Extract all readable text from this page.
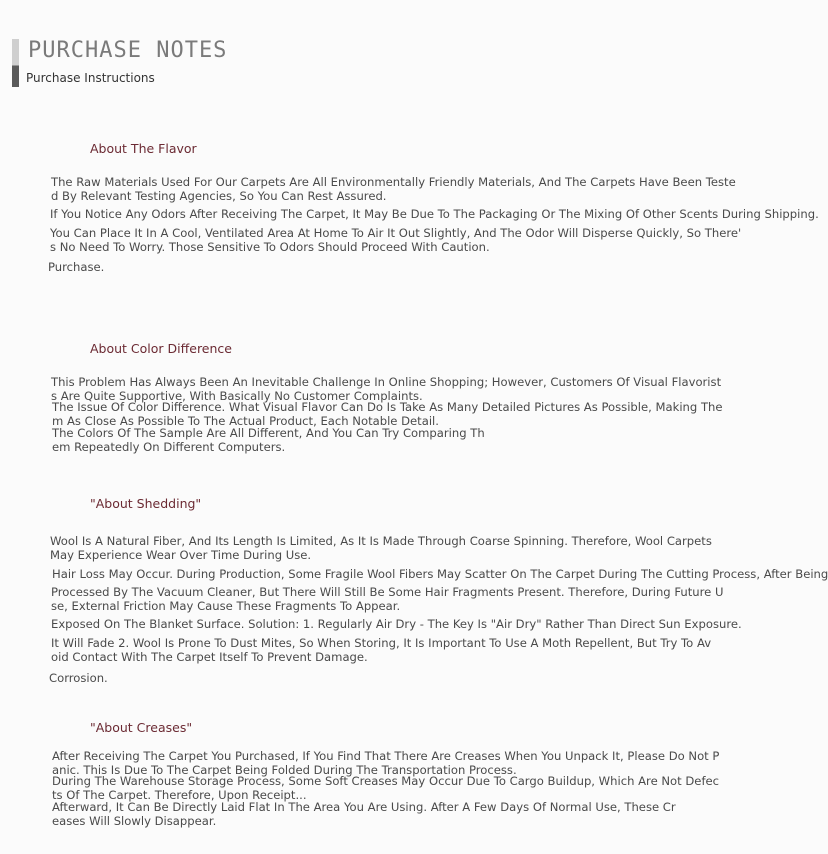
PURCHASE NOTES
Purchase Instructions
About The Flavor
The Raw Materials Used For Our Carpets Are All Environmentally Friendly Materials, And The Carpets Have Been Teste
d By Relevant Testing Agencies, So You Can Rest Assured.
If You Notice Any Odors After Receiving The Carpet, It May Be Due To The Packaging Or The Mixing Of Other Scents During Shipping.
You Can Place It In A Cool, Ventilated Area At Home To Air It Out Slightly, And The Odor Will Disperse Quickly, So There'
s No Need To Worry. Those Sensitive To Odors Should Proceed With Caution.
Purchase.
About Color Difference
This Problem Has Always Been An Inevitable Challenge In Online Shopping; However, Customers Of Visual Flavorist
s Are Quite Supportive, With Basically No Customer Complaints.
The Issue Of Color Difference. What Visual Flavor Can Do Is Take As Many Detailed Pictures As Possible, Making The
m As Close As Possible To The Actual Product, Each Notable Detail.
The Colors Of The Sample Are All Different, And You Can Try Comparing Th
em Repeatedly On Different Computers.
"About Shedding"
Wool Is A Natural Fiber, And Its Length Is Limited, As It Is Made Through Coarse Spinning. Therefore, Wool Carpets
May Experience Wear Over Time During Use.
Hair Loss May Occur. During Production, Some Fragile Wool Fibers May Scatter On The Carpet During The Cutting Process, After Being
Processed By The Vacuum Cleaner, But There Will Still Be Some Hair Fragments Present. Therefore, During Future U
se, External Friction May Cause These Fragments To Appear.
Exposed On The Blanket Surface. Solution: 1. Regularly Air Dry - The Key Is "Air Dry" Rather Than Direct Sun Exposure.
It Will Fade 2. Wool Is Prone To Dust Mites, So When Storing, It Is Important To Use A Moth Repellent, But Try To Av
oid Contact With The Carpet Itself To Prevent Damage.
Corrosion.
"About Creases"
After Receiving The Carpet You Purchased, If You Find That There Are Creases When You Unpack It, Please Do Not P
anic. This Is Due To The Carpet Being Folded During The Transportation Process.
During The Warehouse Storage Process, Some Soft Creases May Occur Due To Cargo Buildup, Which Are Not Defec
ts Of The Carpet. Therefore, Upon Receipt...
Afterward, It Can Be Directly Laid Flat In The Area You Are Using. After A Few Days Of Normal Use, These Cr
eases Will Slowly Disappear.
